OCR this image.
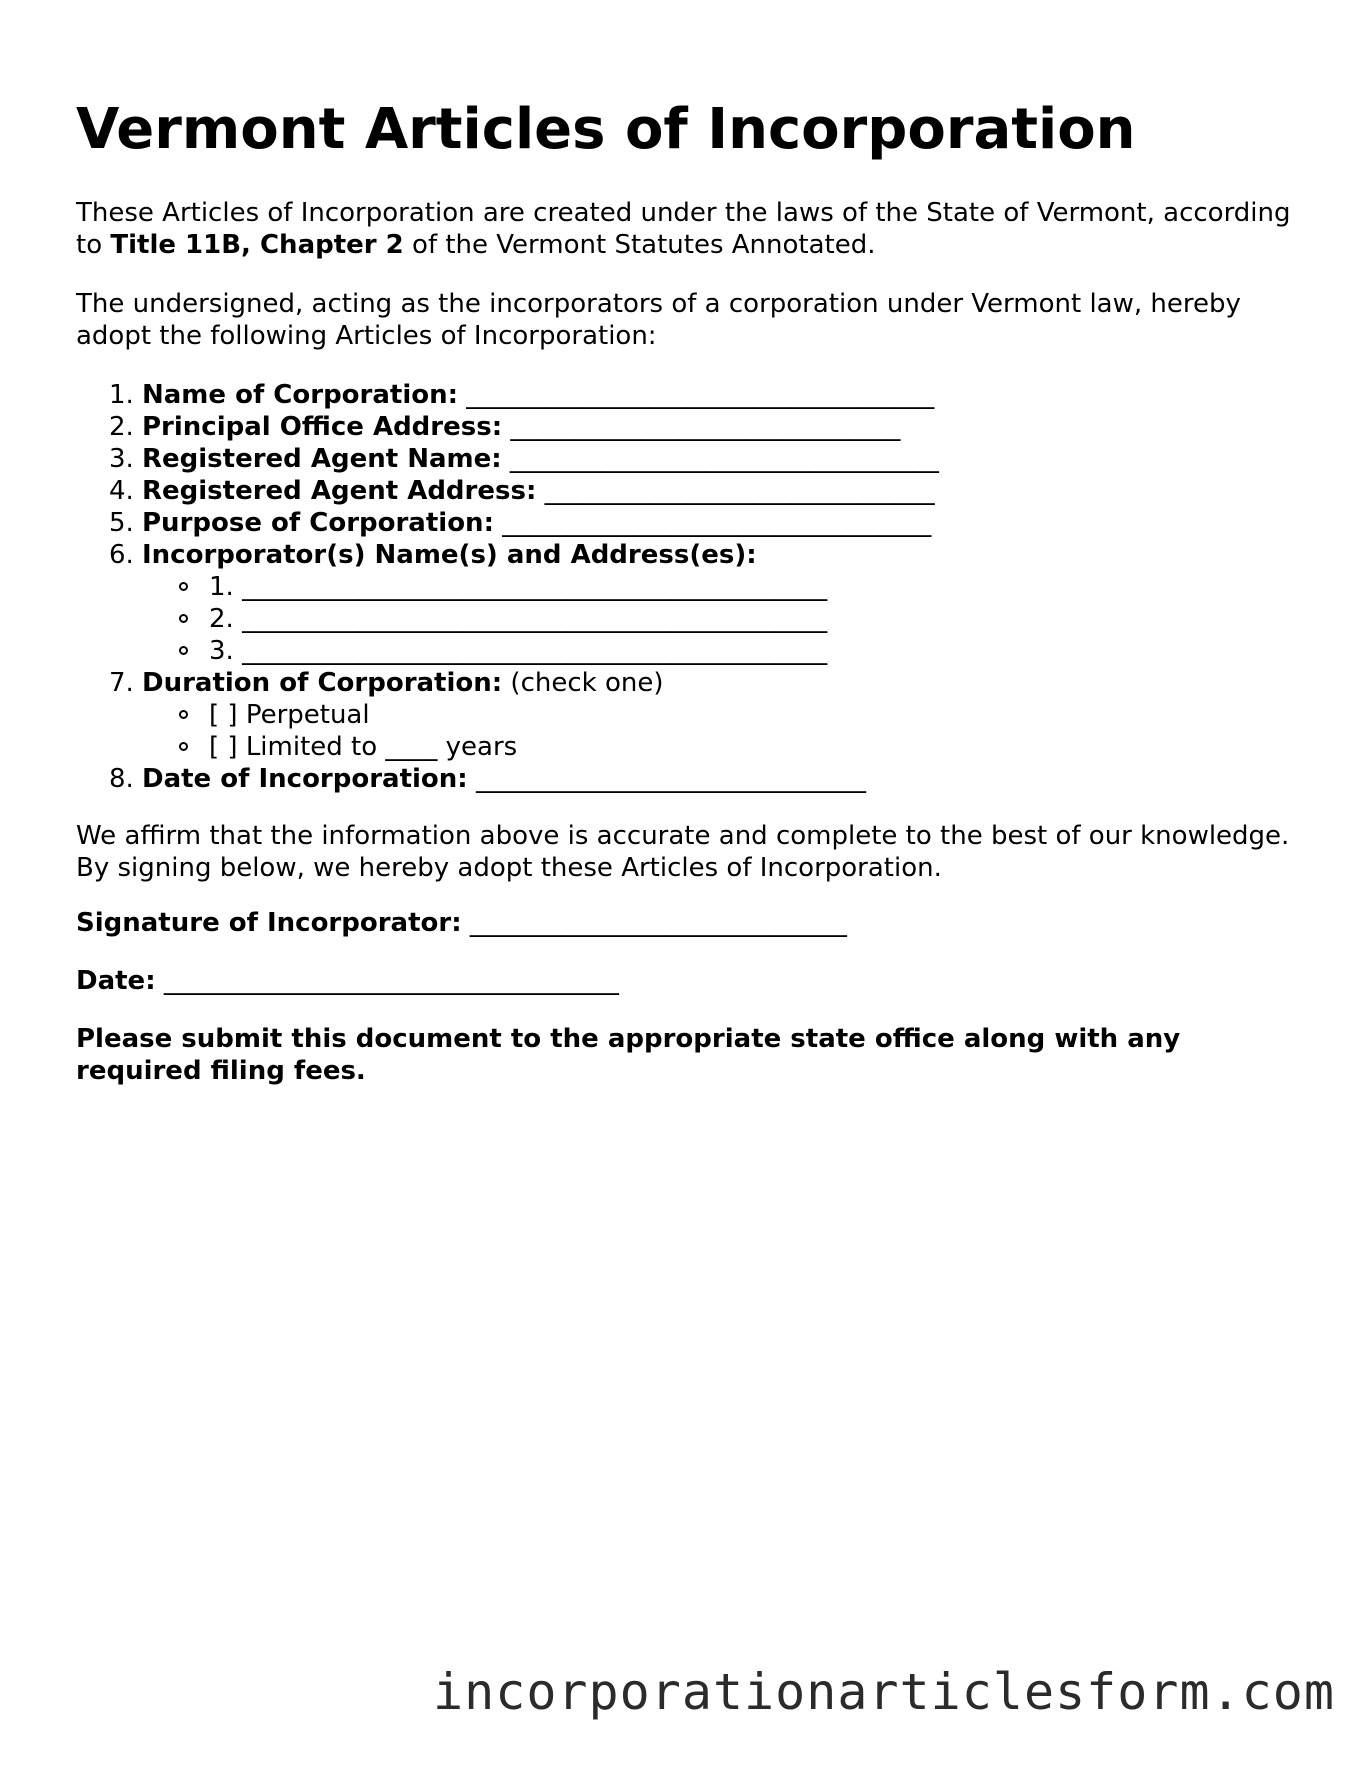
Vermont Articles of Incorporation

These Articles of Incorporation are created under the laws of the State of Vermont, according to Title 11B, Chapter 2 of the Vermont Statutes Annotated.

The undersigned, acting as the incorporators of a corporation under Vermont law, hereby adopt the following Articles of Incorporation:

1. Name of Corporation: ____________________________________
2. Principal Office Address: ______________________________
3. Registered Agent Name: _________________________________
4. Registered Agent Address: ______________________________
5. Purpose of Corporation: _________________________________
6. Incorporator(s) Name(s) and Address(es):
1. _____________________________________________
2. _____________________________________________
3. _____________________________________________
7. Duration of Corporation: (check one)
[ ] Perpetual
[ ] Limited to ____ years
8. Date of Incorporation: ______________________________

We affirm that the information above is accurate and complete to the best of our knowledge. By signing below, we hereby adopt these Articles of Incorporation.

Signature of Incorporator: _____________________________

Date: ___________________________________

Please submit this document to the appropriate state office along with any required filing fees.

incorporationarticlesform.com
